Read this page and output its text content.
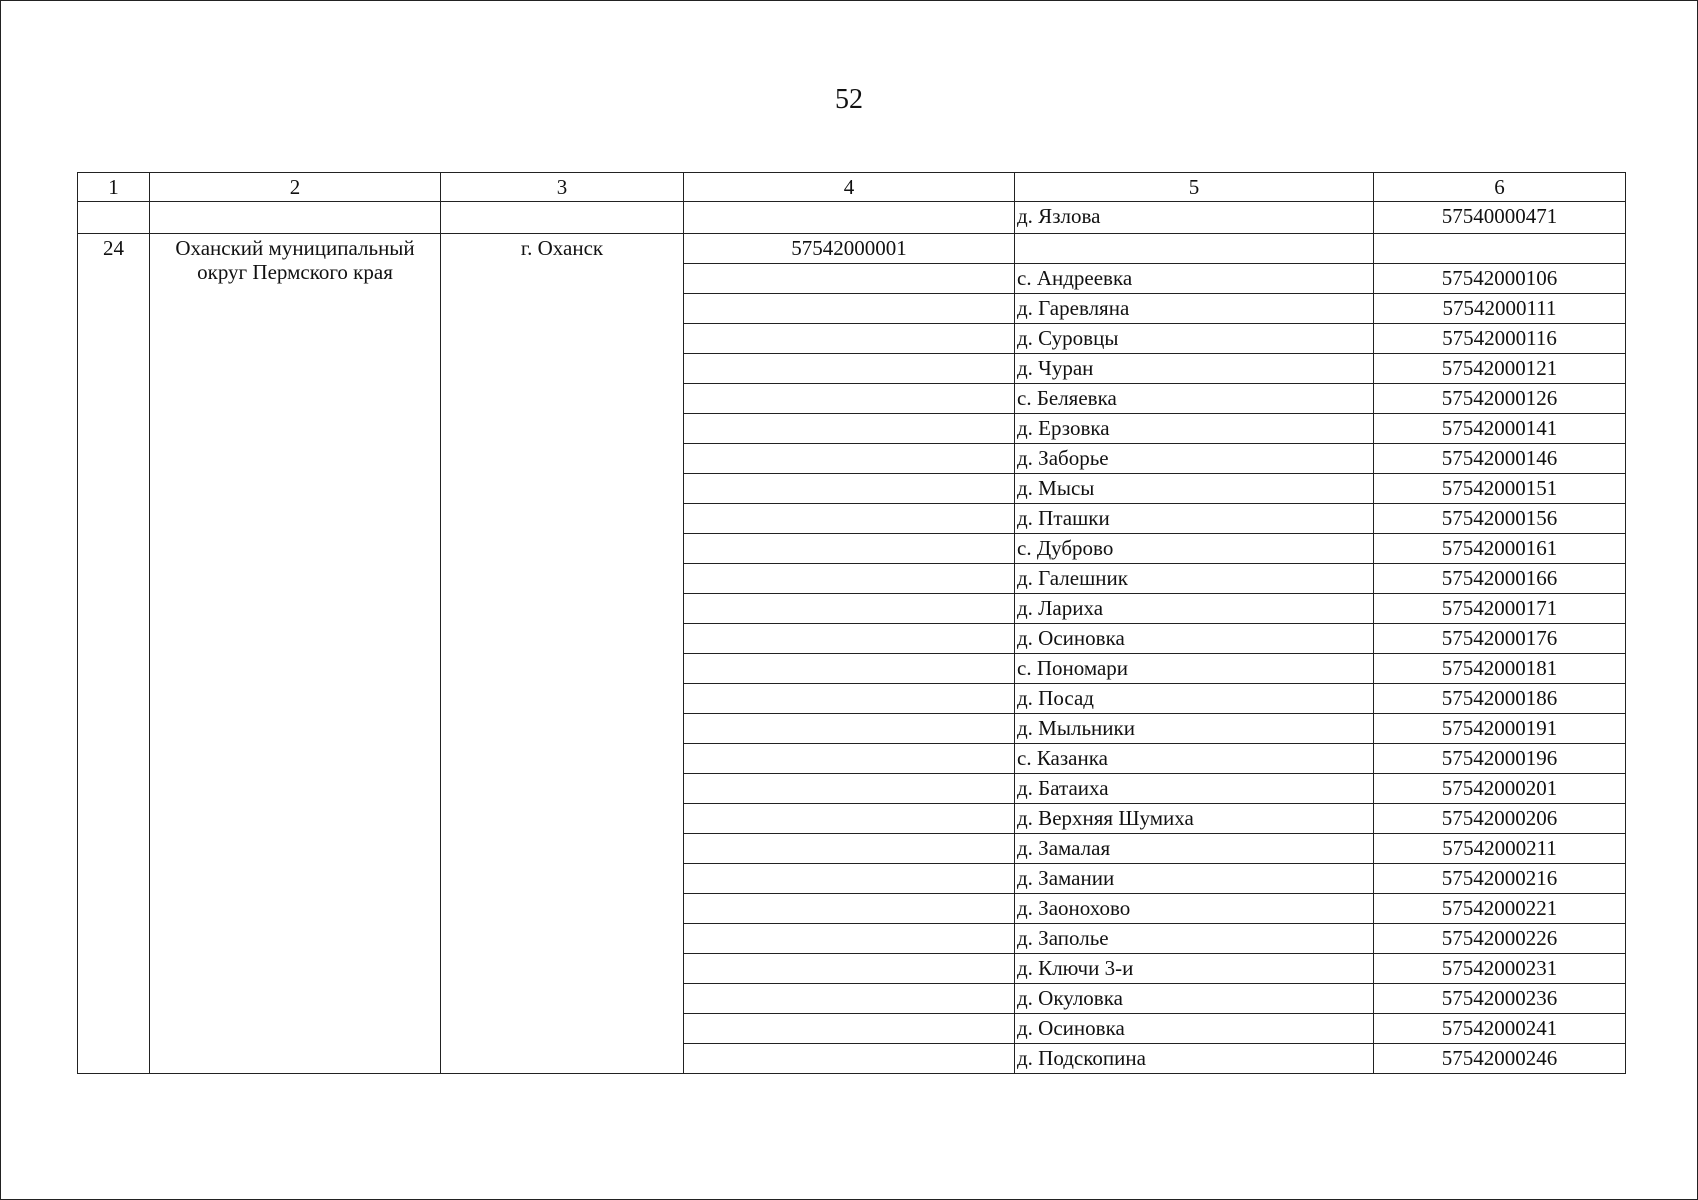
52
1	2	3	4	5	6
				д. Язлова	57540000471
24	Оханский муниципальный округ Пермского края	г. Оханск	57542000001		
				с. Андреевка	57542000106
				д. Гаревляна	57542000111
				д. Суровцы	57542000116
				д. Чуран	57542000121
				с. Беляевка	57542000126
				д. Ерзовка	57542000141
				д. Заборье	57542000146
				д. Мысы	57542000151
				д. Пташки	57542000156
				с. Дуброво	57542000161
				д. Галешник	57542000166
				д. Лариха	57542000171
				д. Осиновка	57542000176
				с. Пономари	57542000181
				д. Посад	57542000186
				д. Мыльники	57542000191
				с. Казанка	57542000196
				д. Батаиха	57542000201
				д. Верхняя Шумиха	57542000206
				д. Замалая	57542000211
				д. Замании	57542000216
				д. Заонохово	57542000221
				д. Заполье	57542000226
				д. Ключи 3-и	57542000231
				д. Окуловка	57542000236
				д. Осиновка	57542000241
				д. Подскопина	57542000246
